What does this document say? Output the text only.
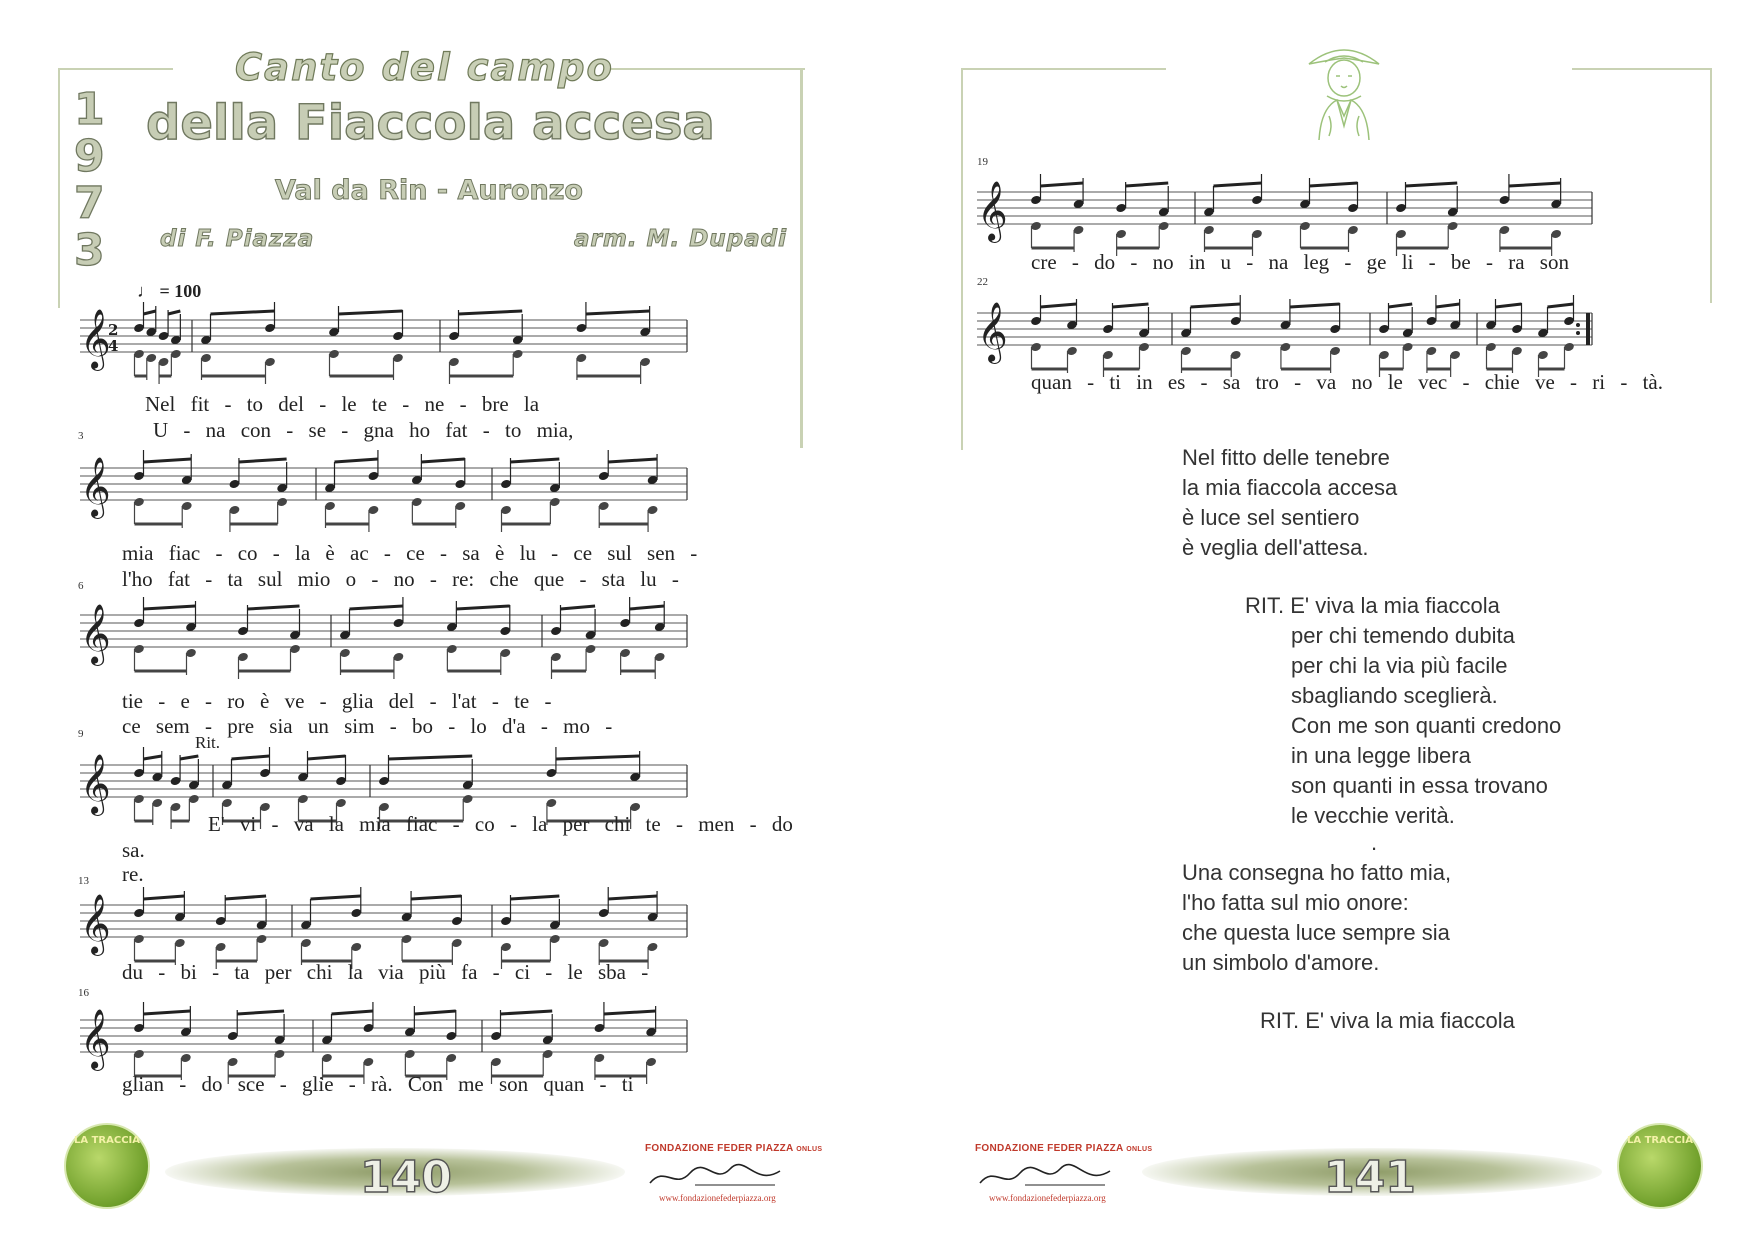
Canto del campo
della Fiaccola accesa
Val da Rin - Auronzo
di F. Piazza	arm. M. Dupadi
1
9
7
3
♩ = 100
𝄞
2
4
Nel fit - to del - le te - ne - bre la
U - na con - se - gna ho fat - to mia,
3
𝄞
mia fiac - co - la è ac - ce - sa è lu - ce sul sen -
l'ho fat - ta sul mio o - no - re: che que - sta lu -
6
𝄞
tie - e - ro è ve - glia del - l'at - te -
ce sem - pre sia un sim - bo - lo d'a - mo -
9	Rit.
𝄞
E' vi - va la mia fiac - co - la per chi te - men - do
sa.
re.
13
𝄞
du - bi - ta per chi la via più fa - ci - le sba -
16
𝄞
glian - do sce - glie - rà. Con me son quan - ti
LA TRACCIA
140
FONDAZIONE FEDER PIAZZA ONLUS
www.fondazionefederpiazza.org
19
𝄞
cre - do - no in u - na leg - ge li - be - ra son
22
𝄞
quan - ti in es - sa tro - va no le vec - chie ve - ri - tà.
Nel fitto delle tenebre
la mia fiaccola accesa
è luce sel sentiero
è veglia dell'attesa.
RIT. E' viva la mia fiaccola
per chi temendo dubita
per chi la via più facile
sbagliando sceglierà.
Con me son quanti credono
in una legge libera
son quanti in essa trovano
le vecchie verità.
.
Una consegna ho fatto mia,
l'ho fatta sul mio onore:
che questa luce sempre sia
un simbolo d'amore.
RIT. E' viva la mia fiaccola
FONDAZIONE FEDER PIAZZA ONLUS
www.fondazionefederpiazza.org	141
LA TRACCIA
